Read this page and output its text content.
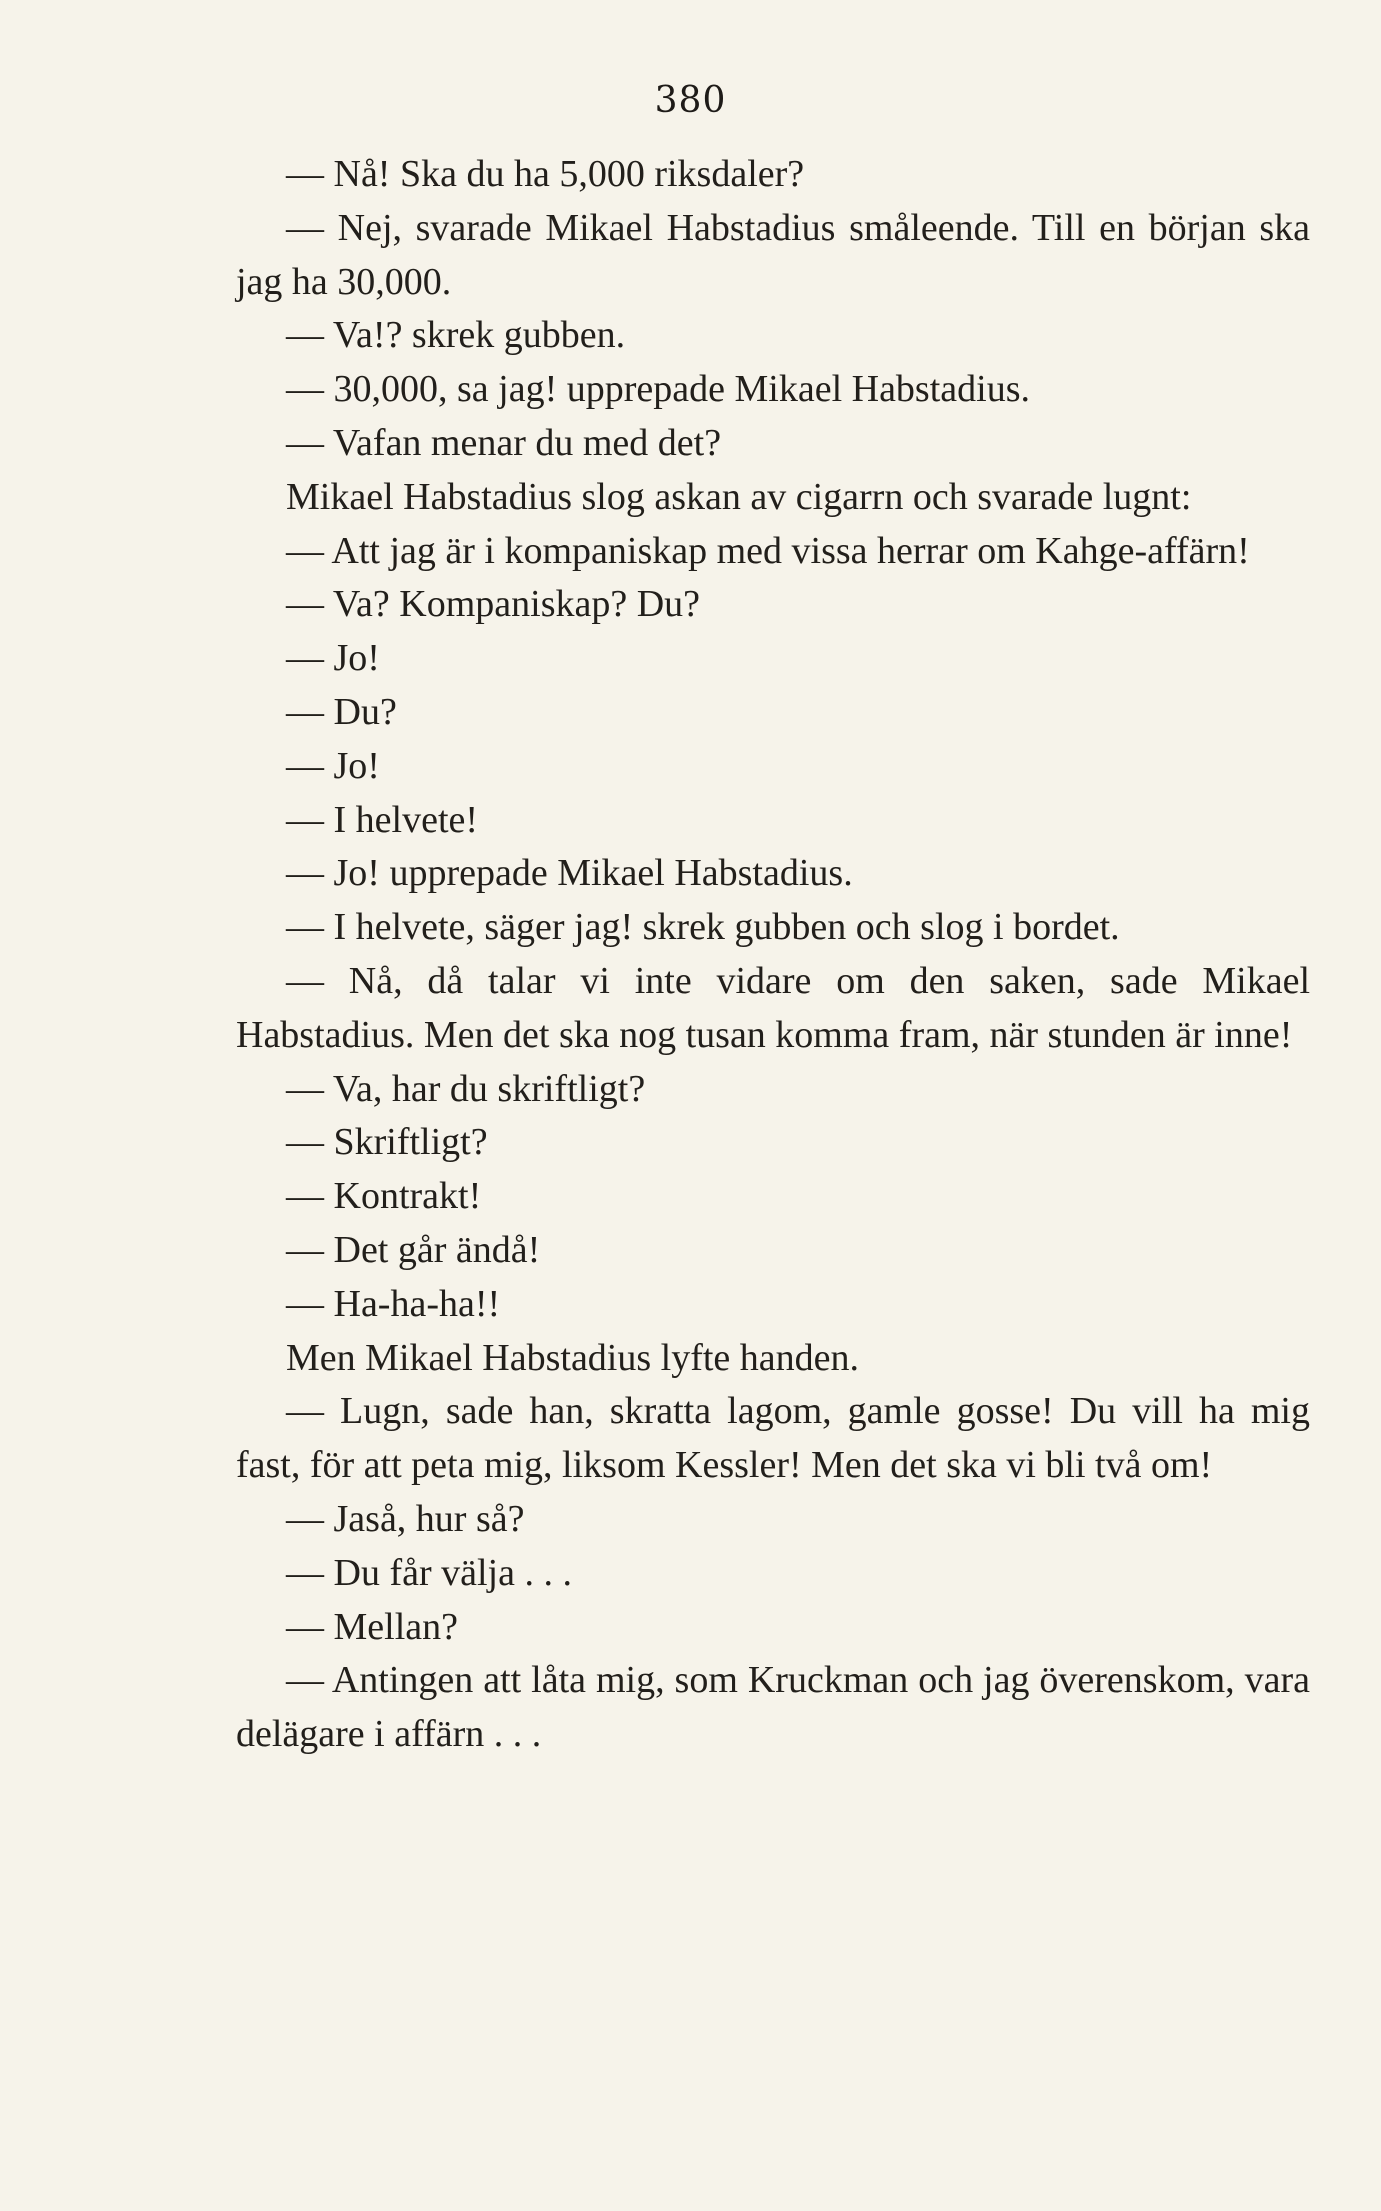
380

— Nå! Ska du ha 5,000 riksdaler?

— Nej, svarade Mikael Habstadius småleende. Till en början ska jag ha 30,000.

— Va!? skrek gubben.

— 30,000, sa jag! upprepade Mikael Habstadius.

— Vafan menar du med det?

Mikael Habstadius slog askan av cigarrn och svarade lugnt:

— Att jag är i kompaniskap med vissa herrar om Kahge-affärn!

— Va? Kompaniskap? Du?

— Jo!

— Du?

— Jo!

— I helvete!

— Jo! upprepade Mikael Habstadius.

— I helvete, säger jag! skrek gubben och slog i bordet.

— Nå, då talar vi inte vidare om den saken, sade Mikael Habstadius. Men det ska nog tusan komma fram, när stunden är inne!

— Va, har du skriftligt?

— Skriftligt?

— Kontrakt!

— Det går ändå!

— Ha-ha-ha!!

Men Mikael Habstadius lyfte handen.

— Lugn, sade han, skratta lagom, gamle gosse! Du vill ha mig fast, för att peta mig, liksom Kessler! Men det ska vi bli två om!

— Jaså, hur så?

— Du får välja . . .

— Mellan?

— Antingen att låta mig, som Kruckman och jag överenskom, vara delägare i affärn . . .
